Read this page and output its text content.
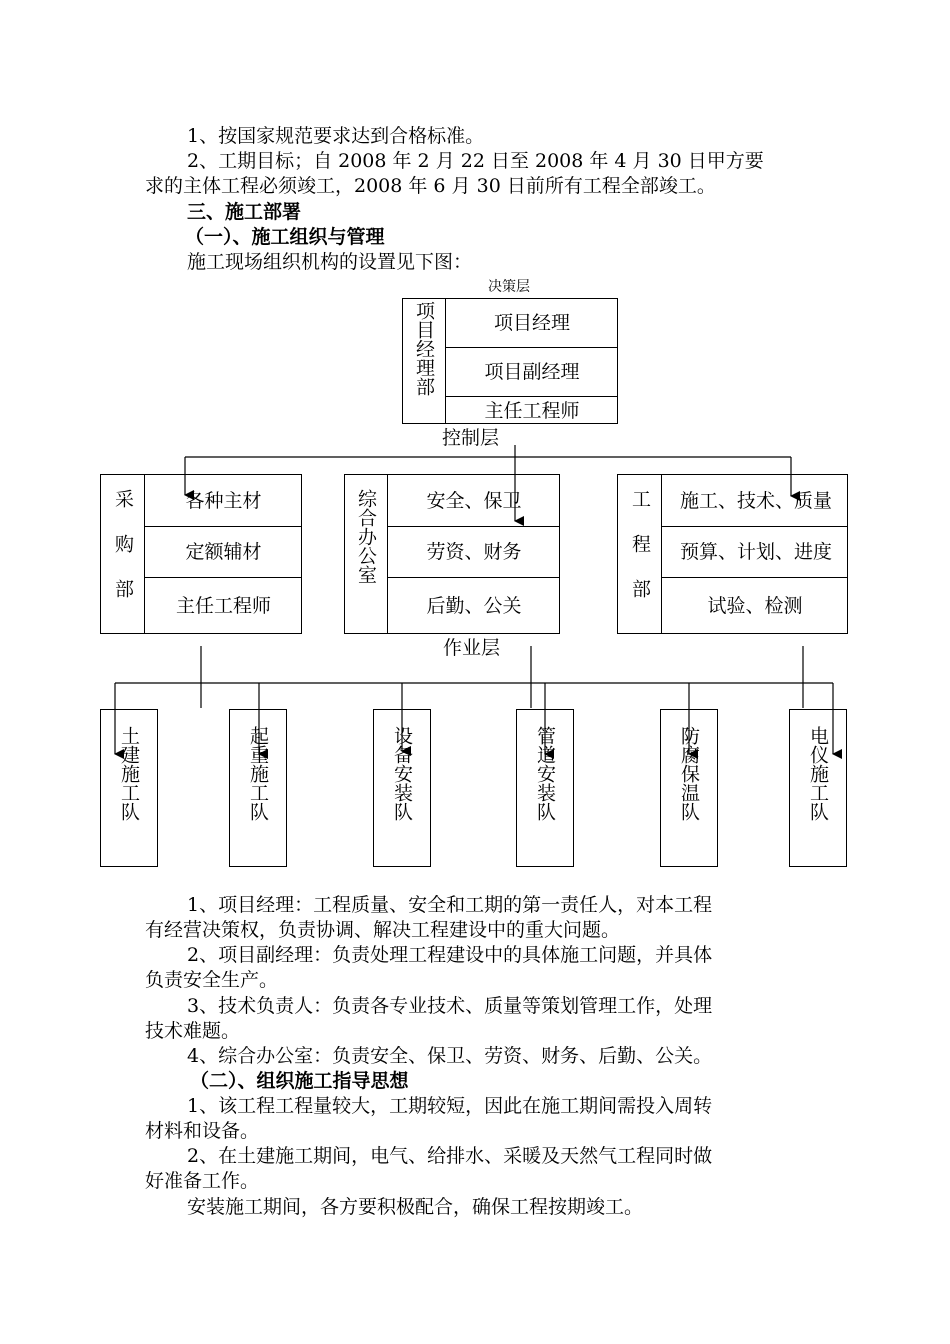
1、按国家规范要求达到合格标准。
2、工期目标；自 2008 年 2 月 22 日至 2008 年 4 月 30 日甲方要
求的主体工程必须竣工，2008 年 6 月 30 日前所有工程全部竣工。
三、施工部署
（一）、施工组织与管理
施工现场组织机构的设置见下图：
决策层
项目经理部	项目经理
项目副经理
主任工程师
控制层
采购部	各种主材
定额辅材
主任工程师
综合办公室	安全、保卫
劳资、财务
后勤、公关	工程部	施工、技术、质量
预算、计划、进度
试验、检测
作业层
土建施工队	起重施工队	设备安装队	管道安装队	防腐保温队	电仪施工队
1、项目经理：工程质量、安全和工期的第一责任人，对本工程
有经营决策权，负责协调、解决工程建设中的重大问题。
2、项目副经理：负责处理工程建设中的具体施工问题，并具体
负责安全生产。
3、技术负责人：负责各专业技术、质量等策划管理工作，处理
技术难题。
4、综合办公室：负责安全、保卫、劳资、财务、后勤、公关。
（二）、组织施工指导思想
1、该工程工程量较大，工期较短，因此在施工期间需投入周转
材料和设备。
2、在土建施工期间，电气、给排水、采暖及天然气工程同时做
好准备工作。
安装施工期间，各方要积极配合，确保工程按期竣工。
